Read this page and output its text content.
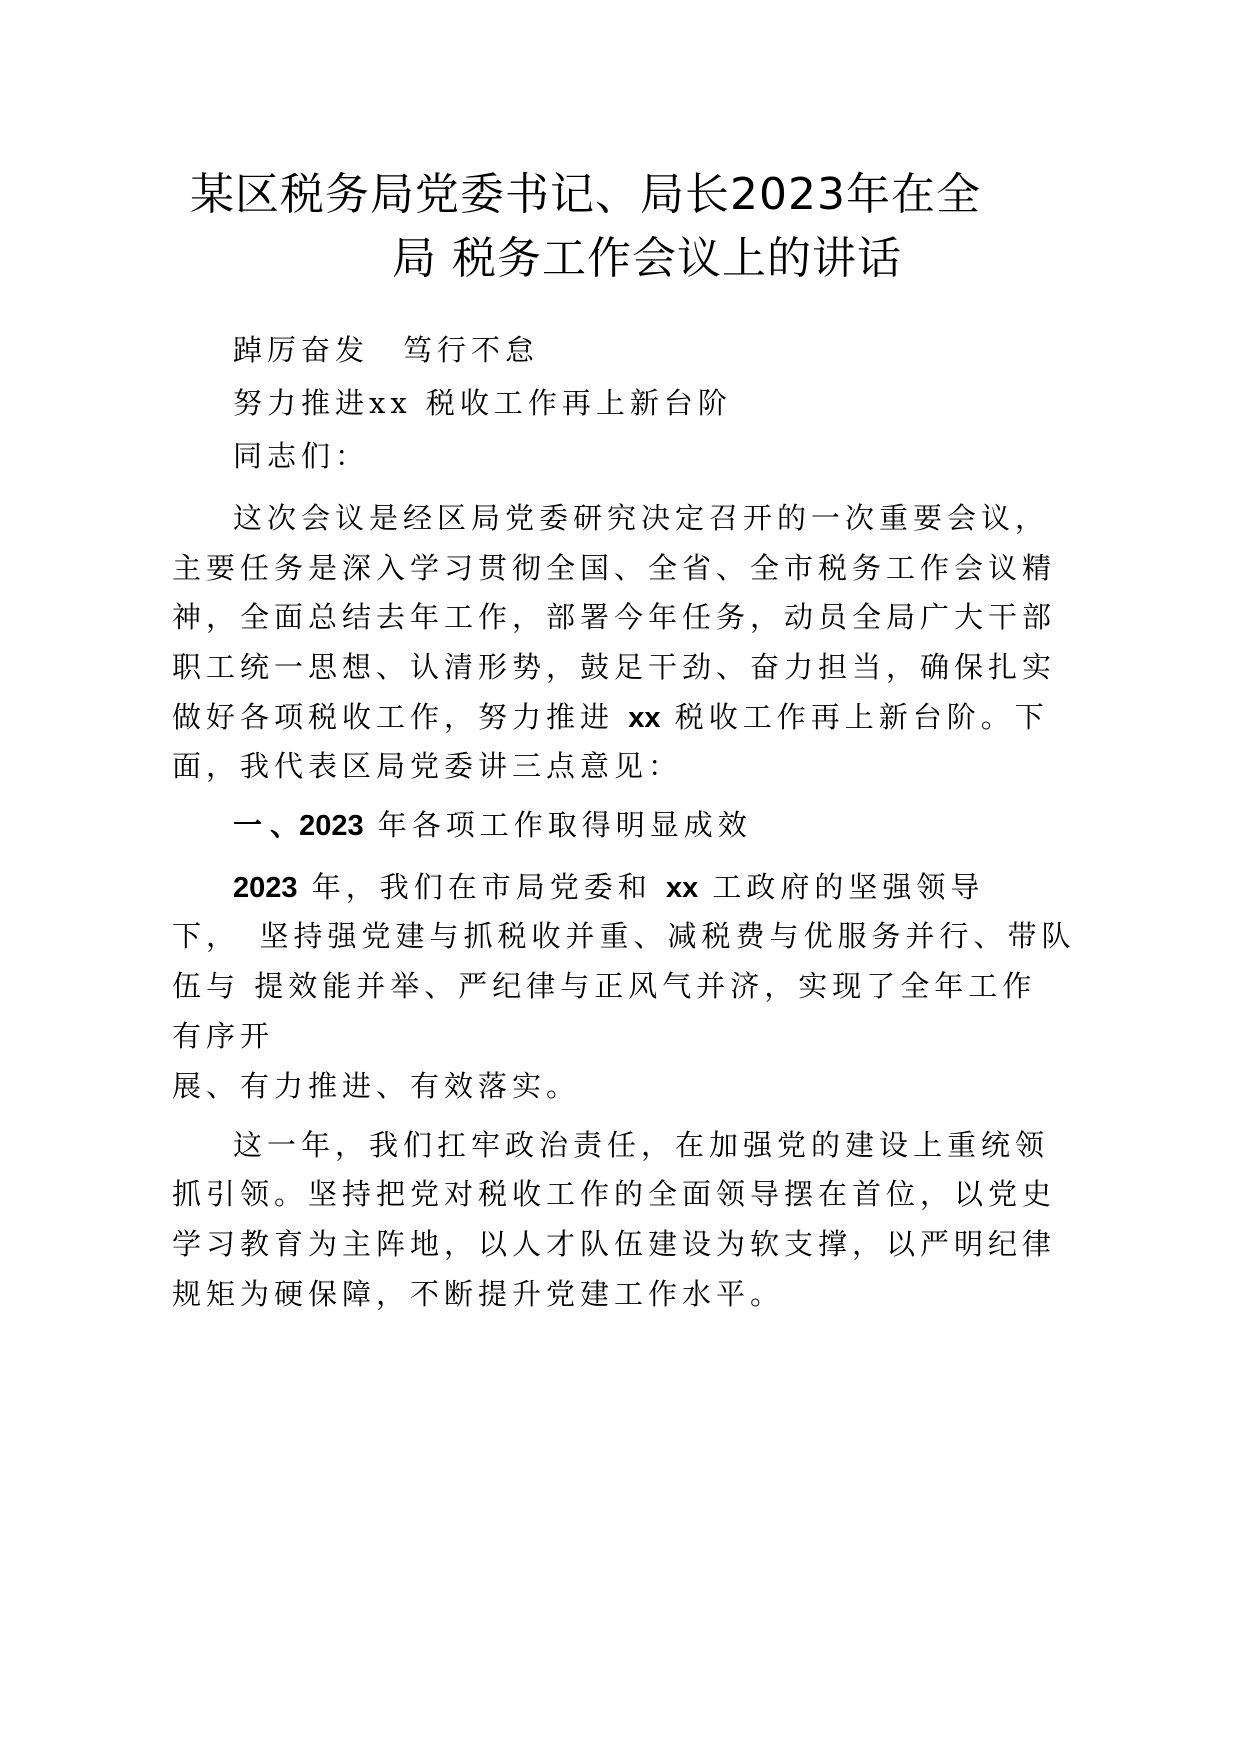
某区税务局党委书记、局长2023年在全
局 税务工作会议上的讲话
踔厉奋发　笃行不怠
努力推进xx 税收工作再上新台阶
同志们：
这次会议是经区局党委研究决定召开的一次重要会议，
主要任务是深入学习贯彻全国、全省、全市税务工作会议精
神，全面总结去年工作，部署今年任务，动员全局广大干部
职工统一思想、认清形势，鼓足干劲、奋力担当，确保扎实
做好各项税收工作，努力推进 xx 税收工作再上新台阶。下
面，我代表区局党委讲三点意见：
一 、2023 年各项工作取得明显成效
2023 年，我们在市局党委和 xx 工政府的坚强领导
下，　坚持强党建与抓税收并重、减税费与优服务并行、带队
伍与 提效能并举、严纪律与正风气并济，实现了全年工作
有序开
展、有力推进、有效落实。
这一年，我们扛牢政治责任，在加强党的建设上重统领
抓引领。坚持把党对税收工作的全面领导摆在首位，以党史
学习教育为主阵地，以人才队伍建设为软支撑，以严明纪律
规矩为硬保障，不断提升党建工作水平。
